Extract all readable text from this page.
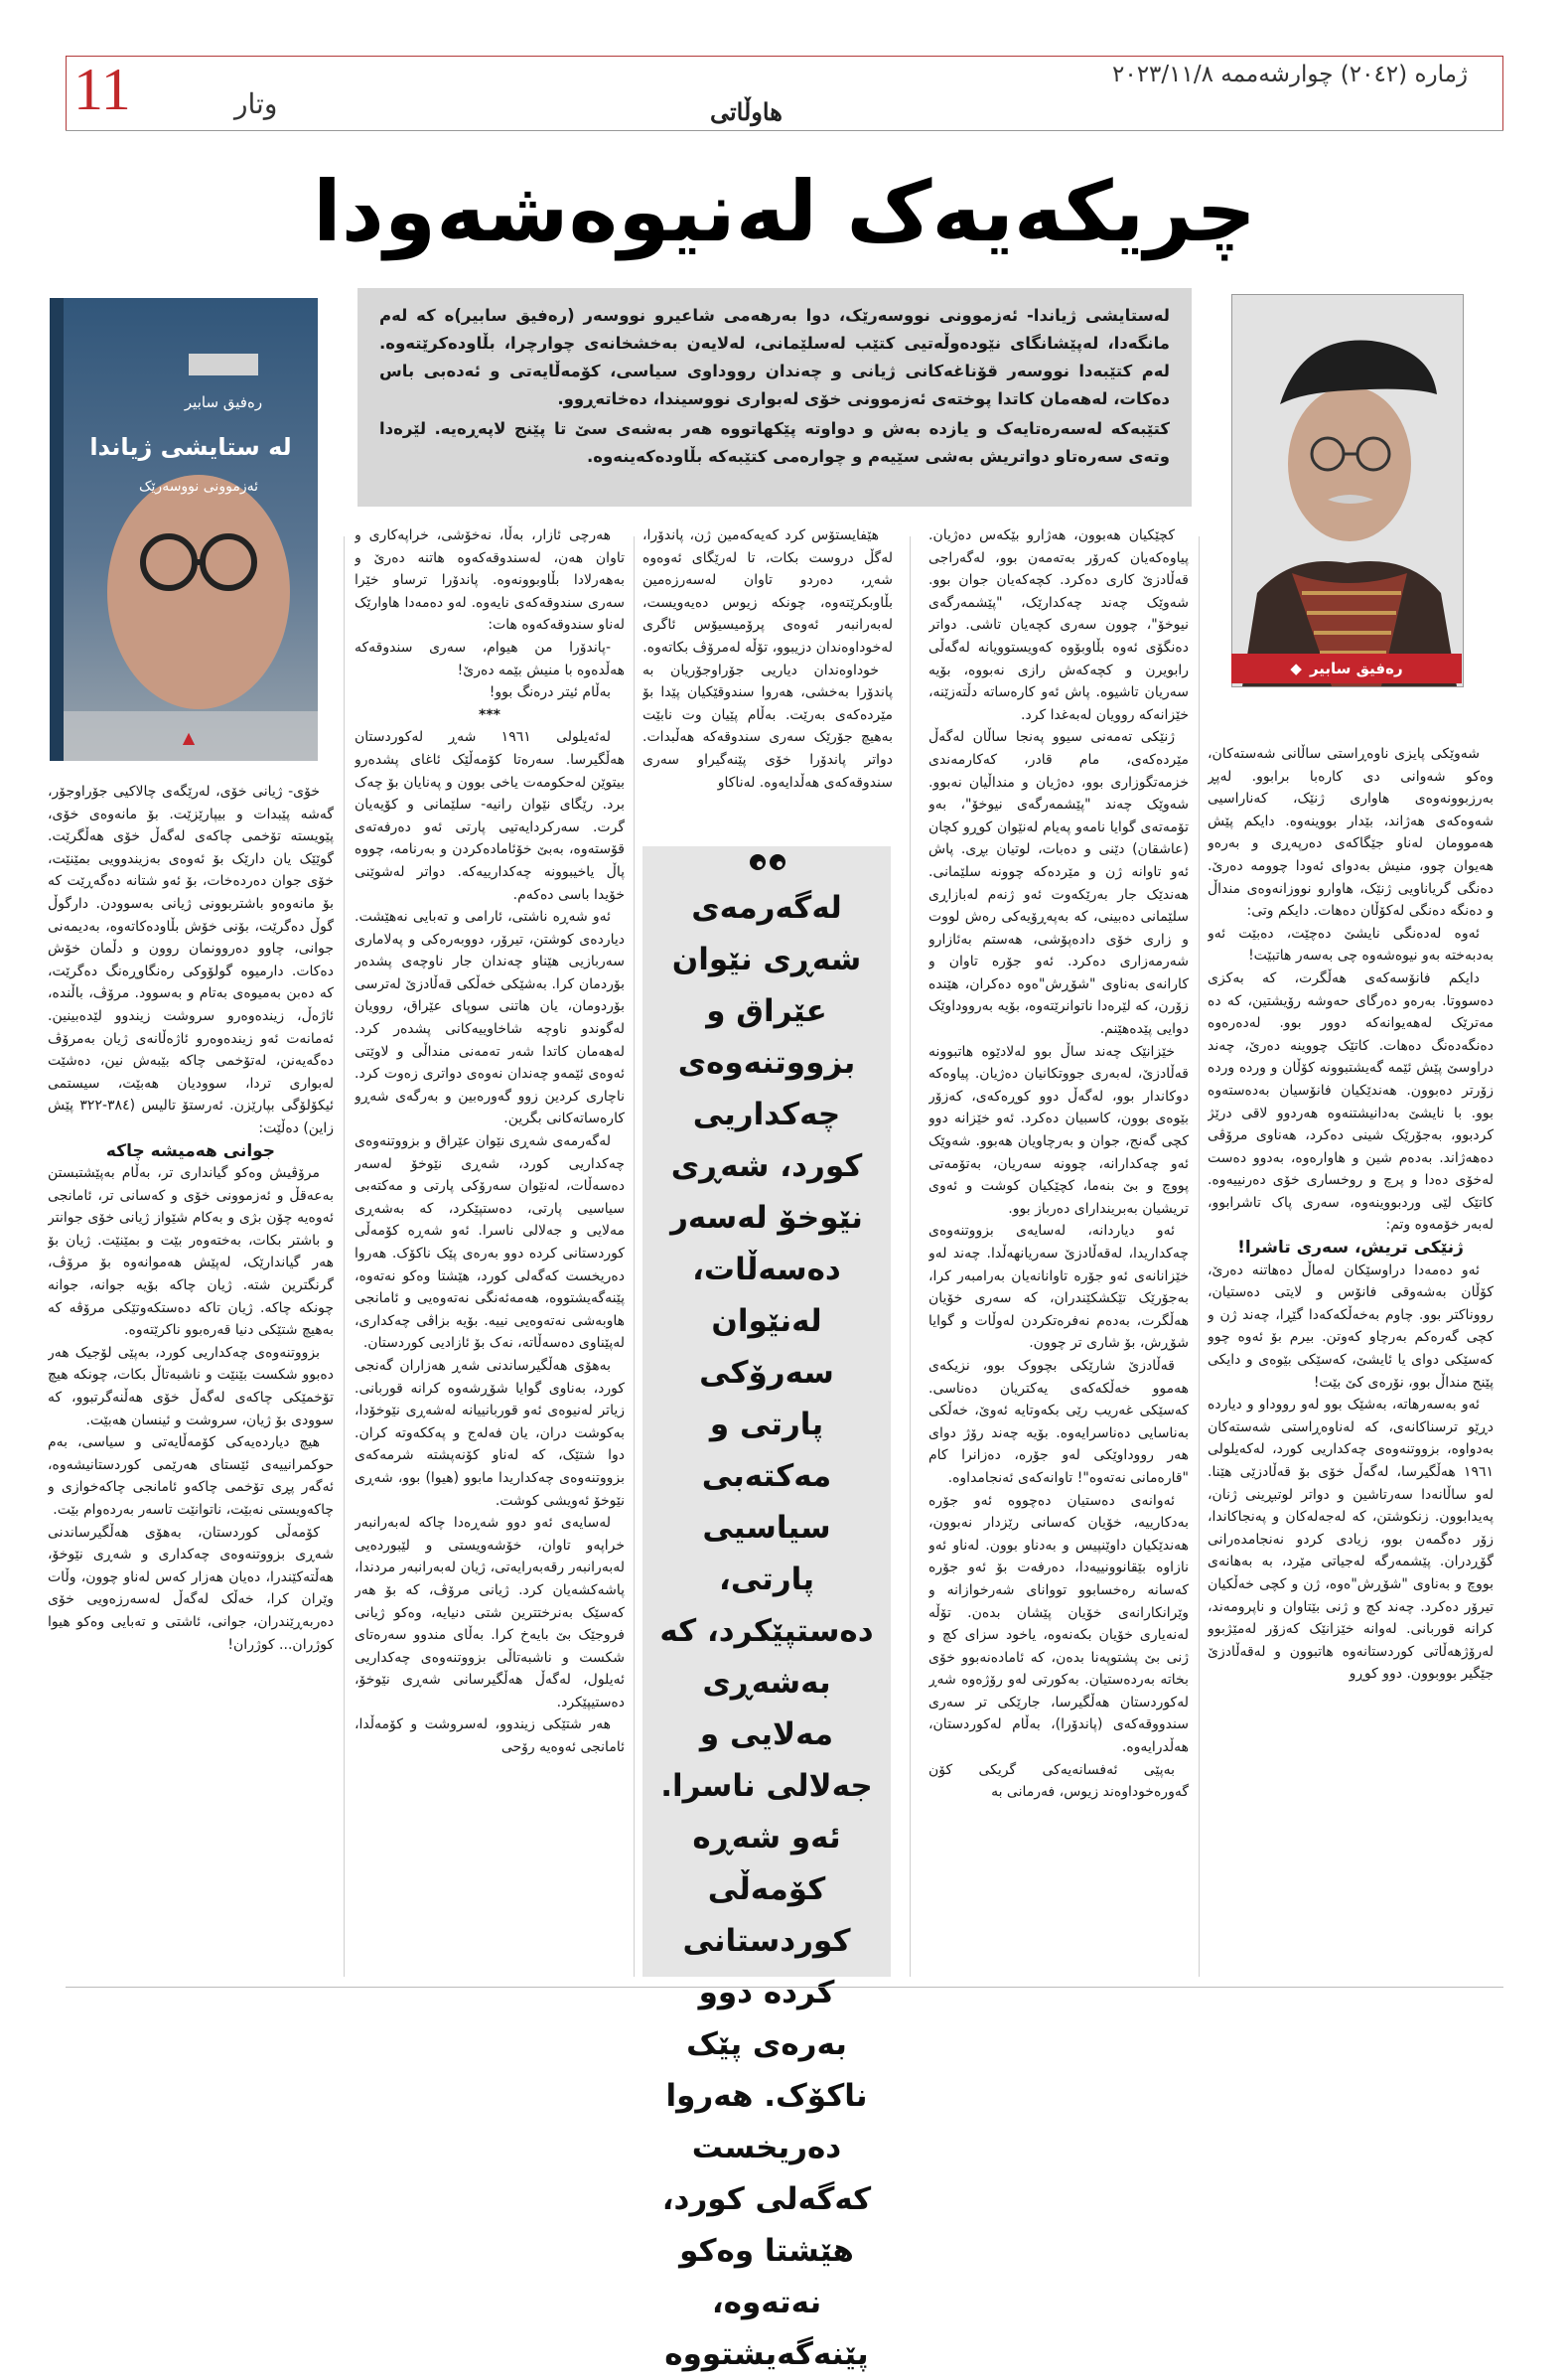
11	وتار	هاوڵاتی
ژمارە (٢٠٤٢) چوارشەممە ٢٠٢٣/١١/٨
چریکەیەک لەنیوەشەودا
رەفیق سابیر
◆
لەستایشی ژیاندا- ئەزموونی نووسەرێک، دوا بەرهەمی شاعیرو نووسەر (رەفیق سابیر)ە کە لەم مانگەدا، لەپێشانگای نێودەوڵەتیی کتێب لەسلێمانی، لەلایەن بەخشخانەی چوارچرا، بڵاودەکرێتەوە. لەم کتێبەدا نووسەر قۆناغەکانی ژیانی و چەندان رووداوی سیاسی، کۆمەڵایەتی و ئەدەبی باس دەکات، لەهەمان کاتدا پوختەی ئەزموونی خۆی لەبواری نووسیندا، دەخاتەڕوو.
کتێبەکە لەسەرەتایەک و یازدە بەش و دواوتە پێکهاتووە هەر بەشەی سێ تا پێنج لاپەڕەیە. لێرەدا وتەی سەرەتاو دواتریش بەشی سێیەم و چوارەمی کتێبەکە بڵاودەکەینەوە.
▲
رەفیق سابیر
لە ستایشی ژیاندا
ئەزموونی نووسەرێک

شەوێکی پایزی ناوەڕاستی ساڵانی شەستەکان، وەکو شەوانی دی کارەبا برابوو. لەپڕ بەرزبوونەوەی هاواری ژنێک، کەناراسیی شەوەکەی هەژاند، بێدار بووینەوە. دایکم پێش هەموومان لەناو جێگاکەی دەرپەڕی و بەرەو هەیوان چوو، منیش بەدوای ئەودا چوومە دەرێ. دەنگی گریاناویی ژنێک، هاوارو نووزانەوەی منداڵ و دەنگە دەنگی لەکۆڵان دەهات. دایکم وتی:

ئەوە لەدەنگی نایشێ دەچێت، دەبێت ئەو بەدبەختە بەو نیوەشەوە چی بەسەر هاتبێت!

دایکم فانۆسەکەی هەڵگرت، کە بەکزی دەسووتا. بەرەو دەرگای حەوشە رۆیشتین، کە دە مەترێک لەهەیوانەکە دوور بوو. لەدەرەوە دەنگەدەنگ دەهات. کاتێک چووینە دەرێ، چەند دراوسێ پێش ئێمە گەیشتبوونە کۆڵان و وردە وردە زۆرتر دەبوون. هەندێکیان فانۆسیان بەدەستەوە بوو. با نایشێ بەدانیشتنەوە هەردوو لاقی درێژ کردبوو، بەجۆرێک شینی دەکرد، هەناوی مرۆڤی دەهەژاند. بەدەم شین و هاوارەوە، بەدوو دەست لەخۆی دەدا و پرچ و روخساری خۆی دەرنییەوە. کاتێک لێی وردبووینەوە، سەری پاک تاشرابوو، لەبەر خۆمەوە وتم:

ژنێکی تریش، سەری تاشرا!

ئەو دەمەدا دراوسێکان لەماڵ دەهاتنە دەرێ، کۆڵان بەشەوقی فانۆس و لایتی دەستیان، رووناکتر بوو. چاوم بەخەڵکەکەدا گێڕا، چەند ژن و کچی گەرەکم بەرچاو کەوتن. بیرم بۆ ئەوە چوو کەسێکی دوای یا ئایشێ، کەسێکی بێوەی و دایکی پێنج منداڵ بوو، نۆرەی کێ بێت!

ئەو بەسەرهاتە، بەشێک بوو لەو رووداو و دیاردە دڕێو ترسناکانەی، کە لەناوەڕاستی شەستەکان بەدواوە، بزووتنەوەی چەکداریی کورد، لەکەیلولی ١٩٦١ هەڵگیرسا، لەگەڵ خۆی بۆ قەڵادزێی هێنا. لەو ساڵانەدا سەرتاشین و دواتر لوتبڕینی ژنان، پەیدابوون. زنکوشتن، کە لەجەلەکان و پەنجاکاندا، زۆر دەگمەن بوو، زیادی کردو نەنجامدەرانی گۆڕدران. پێشمەرگە لەجیاتی مێرد، بە بەهانەی بووچ و بەناوی "شۆڕش"ەوە، ژن و کچی خەڵکیان تیرۆر دەکرد. چەند کچ و ژنی بێتاوان و ناپرومەند، کرانە قوربانی. لەوانە خێزانێک کەزۆر لەمێژبوو لەرۆژهەڵاتی کوردستانەوە هاتبوون و لەقەڵادزێ جێگیر بووبوون. دوو کوڕو

کچێکیان هەبوون، هەژارو بێکەس دەژیان. پیاوەکەیان کەرۆر بەتەمەن بوو، لەگەراجی قەڵادزێ کاری دەکرد. کچەکەیان جوان بوو. شەوێک چەند چەکدارێک، "پێشمەرگەی نیوخۆ"، چوون سەری کچەیان تاشی. دواتر دەنگۆی ئەوە بڵاوبۆوە کەویستوویانە لەگەڵی رابویرن و کچەکەش رازی نەبووە، بۆیە سەریان تاشیوە. پاش ئەو کارەساتە دڵتەزێنە، خێزانەکە روویان لەبەغدا کرد.

ژنێکی تەمەنی سیوو پەنجا ساڵان لەگەڵ مێردەکەی، مام قادر، کەکارمەندی خزمەتگوزاری بوو، دەژیان و منداڵیان نەبوو. شەوێک چەند "پێشمەرگەی نیوخۆ"، بەو تۆمەتەی گوایا نامەو پەیام لەنێوان کوڕو کچان (عاشقان) دێنی و دەبات، لوتیان بڕی. پاش ئەو تاوانە ژن و مێردەکە چوونە سلێمانی. هەندێک جار بەرێکەوت ئەو ژنەم لەبازاڕی سلێمانی دەبینی، کە بەپەڕۆیەکی رەش لووت و زاری خۆی دادەپۆشی، هەستم بەئازارو شەرمەزاری دەکرد. ئەو جۆرە تاوان و کارانەی بەناوی "شۆڕش"ەوە دەکران، هێندە زۆرن، کە لێرەدا ناتوانرێتەوە، بۆیە بەرووداوێک دوایی پێدەهێنم.

خێزانێک چەند ساڵ بوو لەلادێوە هاتبوونە قەڵادزێ، لەبەری جووتکانیان دەژیان. پیاوەکە دوکاندار بوو، لەگەڵ دوو کوڕەکەی، کەزۆر بێوەی بوون، کاسبیان دەکرد. ئەو خێزانە دوو کچی گەنج، جوان و بەرچاویان هەبوو. شەوێک ئەو چەکدارانە، چوونە سەریان، بەتۆمەتی پووچ و بێ بنەما، کچێکیان کوشت و ئەوی تریشیان بەبریندارای دەرباز بوو.

ئەو دیاردانە، لەسایەی بزووتنەوەی چەکداریدا، لەقەڵادزێ سەریانهەڵدا. چەند لەو خێزانانەی ئەو جۆرە تاوانانەیان بەرامبەر کرا، بەجۆرێک تێکشکێندران، کە سەری خۆیان هەڵگرت، بەدەم نەفرەتکردن لەوڵات و گوایا شۆڕش، بۆ شاری تر چوون.

قەڵادزێ شارێکی بچووک بوو، نزیکەی هەموو خەڵکەکەی یەکتریان دەناسی. کەسێکی غەریب رێی بکەوتایە ئەوێ، خەڵکی بەناسایی دەناسرایەوە. بۆیە چەند رۆژ دوای هەر رووداوێکی لەو جۆرە، دەزانرا کام "قارەمانی نەتەوە"! تاوانەکەی ئەنجامداوە.

ئەوانەی دەستیان دەچووە ئەو جۆرە بەدکارییە، خۆیان کەسانی رێزدار نەبوون، هەندێکیان داوێنپیس و بەدناو بوون. لەناو ئەو نازاوە بێقانوونییەدا، دەرفەت بۆ ئەو جۆرە کەسانە رەخسابوو تووانای شەرخوازانە و وێرانکارانەی خۆیان پێشان بدەن. تۆڵە لەنەیاری خۆیان بکەنەوە، یاخود سزای کچ و ژنی بێ پشتوپەنا بدەن، کە ئامادەنەبوو خۆی بخاتە بەردەستیان. بەکورتی لەو رۆژەوە شەڕ لەکوردستان هەڵگیرسا، جارێکی تر سەری سندووقەکەی (پاندۆرا)، بەڵام لەکوردستان، هەڵدرایەوە.

بەپێی ئەفسانەیەکی گریکی کۆن گەورەخوداوەند زیوس، فەرمانی بە

هێفایستۆس کرد کەیەکەمین ژن، پاندۆرا، لەگڵ دروست بکات، تا لەرێگای ئەوەوە شەڕ، دەردو تاوان لەسەرزەمین بڵاوبکرێتەوە، چونکە زیوس دەیەویست، لەبەرانبەر ئەوەی پرۆمیسیۆس ئاگری لەخوداوەندان دزیبوو، تۆڵە لەمرۆڤ بکاتەوە.

خوداوەندان دیاریی جۆراوجۆریان بە پاندۆرا بەخشی، هەروا سندوقێکیان پێدا بۆ مێردەکەی بەرێت. بەڵام پێیان وت نابێت بەهیچ جۆرێک سەری سندوقەکە هەڵبدات. دواتر پاندۆرا خۆی پێنەگیراو سەری سندوقەکەی هەڵدایەوە. لەناکاو

لەگەرمەی شەڕی نێوان عێراق و بزووتنەوەی چەکداریی کورد، شەڕی نێوخۆ لەسەر دەسەڵات، لەنێوان سەرۆکی پارتی و مەکتەبی سیاسیی پارتی، دەستپێکرد، کە بەشەڕی مەلایی و جەلالی ناسرا. ئەو شەڕە کۆمەڵی کوردستانی کردە دوو بەرەی پێک ناکۆک. هەروا دەریخست کەگەلی کورد، هێشتا وەکو نەتەوە، پێنەگەیشتووە

هەرچی ئازار، بەڵا، نەخۆشی، خراپەکاری و تاوان هەن، لەسندوقەکەوە هاتنە دەرێ و بەهەرلادا بڵاوبوونەوە. پاندۆرا ترساو خێرا سەری سندوقەکەی نایەوە. لەو دەمەدا هاوارێک لەناو سندوقەکەوە هات:

-پاندۆرا من هیوام، سەری سندوقەکە هەڵدەوە با منیش بێمە دەرێ!

بەڵام ئیتر درەنگ بوو!

***

لەئەیلولی ١٩٦١ شەڕ لەکوردستان هەڵگیرسا. سەرەتا کۆمەڵێک ئاغای پشدەرو بیتوێن لەحکومەت یاخی بوون و پەنایان بۆ چەک برد. رێگای نێوان رانیە- سلێمانی و کۆیەیان گرت. سەرکردایەتیی پارتی ئەو دەرفەتەی قۆستەوە، بەبێ خۆئامادەکردن و بەرنامە، چووە پاڵ یاخیبوونە چەکدارییەکە. دواتر لەشوێنی خۆیدا باسی دەکەم.

ئەو شەڕە ناشتی، ئارامی و تەبایی نەهێشت. دیاردەی کوشتن، تیرۆر، دووبەرەکی و پەلاماری سەربازیی هێناو چەندان جار ناوچەی پشدەر بۆردمان کرا. بەشێکی خەڵکی قەڵادزێ لەترسی بۆردومان، یان هاتنی سوپای عێراق، روویان لەگوندو ناوچە شاخاوییەکانی پشدەر کرد. لەهەمان کاتدا شەر تەمەنی منداڵی و لاوێتی ئەوەی ئێمەو چەندان نەوەی دواتری زەوت کرد. ناچاری کردین زوو گەورەبین و بەرگەی شەڕو کارەساتەکانی بگرین.

لەگەرمەی شەڕی نێوان عێراق و بزووتنەوەی چەکداریی کورد، شەڕی نێوخۆ لەسەر دەسەڵات، لەنێوان سەرۆکی پارتی و مەکتەبی سیاسیی پارتی، دەستپێکرد، کە بەشەڕی مەلایی و جەلالی ناسرا. ئەو شەڕە کۆمەڵی کوردستانی کردە دوو بەرەی پێک ناکۆک. هەروا دەریخست کەگەلی کورد، هێشتا وەکو نەتەوە، پێنەگەیشتووە، هەمەئەنگی نەتەوەیی و ئامانجی هاوبەشی نەتەوەیی نییە. بۆیە بزاڤی چەکداری، لەپێناوی دەسەڵاتە، نەک بۆ ئازادیی کوردستان.

بەهۆی هەڵگیرساندنی شەڕ هەزاران گەنجی کورد، بەناوی گوایا شۆڕشەوە کرانە قوربانی. زیاتر لەنیوەی ئەو قوربانییانە لەشەڕی نێوخۆدا، بەکوشت دران، یان فەلەج و پەککەوتە کران. دوا شتێک، کە لەناو کۆنەپشتە شرمەکەی بزووتنەوەی چەکداریدا مابوو (هیوا) بوو، شەڕی نێوخۆ ئەویشی کوشت.

لەسایەی ئەو دوو شەڕەدا چاکە لەبەرانبەر خراپەو تاوان، خۆشەویستی و لێبوردەیی لەبەرانبەر رقەبەرایەتی، ژیان لەبەرانبەر مردندا، پاشەکشەیان کرد. ژیانی مرۆڤ، کە بۆ هەر کەسێک بەنرختترین شتی دنیایە، وەکو ژیانی فروجێک بێ بایەخ کرا. بەڵای مندوو سەرەتای شکست و ناشبەتاڵی بزووتنەوەی چەکداریی ئەیلول، لەگەڵ هەڵگیرسانی شەڕی نێوخۆ، دەستیپێکرد.

هەر شتێکی زیندوو، لەسروشت و کۆمەڵدا، ئامانجی ئەوەیە رۆحی

خۆی- ژیانی خۆی، لەرێگەی چالاکیی جۆراوجۆر، گەشە پێبدات و بیپارێزێت. بۆ مانەوەی خۆی، پێویستە تۆخمی چاکەی لەگەڵ خۆی هەڵگرێت. گوێێک یان دارێک بۆ ئەوەی بەزیندوویی بمێنێت، خۆی جوان دەردەخات، بۆ ئەو شتانە دەگەڕێت کە بۆ مانەوەو باشتربوونی ژیانی بەسوودن. دارگوڵ گوڵ دەگرێت، بۆنی خۆش بڵاودەکاتەوە، بەدیمەنی جوانی، چاوو دەروونمان روون و دڵمان خۆش دەکات. دارمیوە گولۆوکی رەنگاوڕەنگ دەگرێت، کە دەبن بەمیوەی بەتام و بەسوود. مرۆڤ، باڵندە، ئاژەڵ، زیندەوەرو سروشت زیندوو لێدەبینین. ئەمانەت ئەو زیندەوەرو ئاژەڵانەی ژیان بەمرۆڤ دەگەیەنن، لەتۆخمی چاکە بێبەش نین، دەشێت لەبواری تردا، سوودیان هەبێت، سیستمی ئیکۆلۆگی بپارێزن. ئەرستۆ تالیس (٣٨٤-٣٢٢ پێش زاین) دەڵێت:

جوانی هەمیشە چاکە

مرۆڤیش وەکو گیانداری تر، بەڵام بەپێشتبستن بەعەقڵ و ئەزموونی خۆی و کەسانی تر، ئامانجی ئەوەیە چۆن بژی و بەکام شێواز ژیانی خۆی جوانتر و باشتر بکات، بەختەوەر بێت و بمێنێت. ژیان بۆ هەر گیاندارێک، لەپێش هەموانەوە بۆ مرۆڤ، گرنگترین شتە. ژیان چاکە بۆیە جوانە، جوانە چونکە چاکە. ژیان تاکە دەستکەوتێکی مرۆڤە کە بەهیچ شتێکی دنیا قەرەبوو ناکرێتەوە.

بزووتنەوەی چەکداریی کورد، بەپێی لۆجیک هەر دەبوو شکست بێنێت و ناشبەتاڵ بکات، چونکە هیچ تۆخمێکی چاکەی لەگەڵ خۆی هەڵنەگرتبوو، کە سوودی بۆ ژیان، سروشت و ئینسان هەبێت.

هیچ دیاردەیەکی کۆمەڵایەتی و سیاسی، بەم حوکمرانییەی ئێستای هەرێمی کوردستانیشەوە، ئەگەر پڕی تۆخمی چاکەو ئامانجی چاکەخوازی و چاکەویستی نەبێت، ناتوانێت تاسەر بەردەوام بێت.

کۆمەڵی کوردستان، بەهۆی هەڵگیرساندنی شەڕی بزووتنەوەی چەکداری و شەڕی نێوخۆ، هەڵتەکێندرا، دەیان هەزار کەس لەناو چوون، وڵات وێران کرا، خەڵک لەگەڵ لەسەرزەویی خۆی دەربەڕێندران، جوانی، ئاشتی و تەبایی وەکو هیوا کوژران... کوژران!
